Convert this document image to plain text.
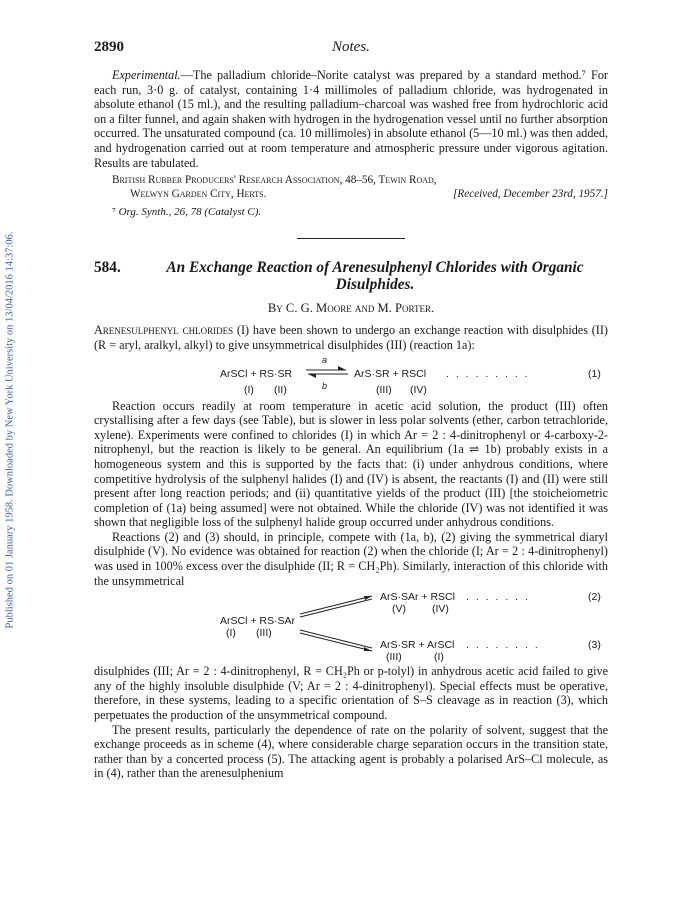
Published on 01 January 1958. Downloaded by New York University on 13/04/2016 14:37:06.
2890	Notes.

Experimental.—The palladium chloride–Norite catalyst was prepared by a standard method.⁷ For each run, 3·0 g. of catalyst, containing 1·4 millimoles of palladium chloride, was hydrogenated in absolute ethanol (15 ml.), and the resulting palladium–charcoal was washed free from hydrochloric acid on a filter funnel, and again shaken with hydrogen in the hydrogenation vessel until no further absorption occurred. The unsaturated compound (ca. 10 millimoles) in absolute ethanol (5—10 ml.) was then added, and hydrogenation carried out at room temperature and atmospheric pressure under vigorous agitation. Results are tabulated.

British Rubber Producers' Research Association, 48–56, Tewin Road,
Welwyn Garden City, Herts.	[Received, December 23rd, 1957.]
⁷ Org. Synth., 26, 78 (Catalyst C).
584.	An Exchange Reaction of Arenesulphenyl Chlorides with Organic Disulphides.
By C. G. Moore and M. Porter.

Arenesulphenyl chlorides (I) have been shown to undergo an exchange reaction with disulphides (II) (R = aryl, aralkyl, alkyl) to give unsymmetrical disulphides (III) (reaction 1a):

ArSCl + RS·SR
a
b
ArS·SR + RSCl . . . . . . . . .	(1)
(I) (II)	(III) (IV)

Reaction occurs readily at room temperature in acetic acid solution, the product (III) often crystallising after a few days (see Table), but is slower in less polar solvents (ether, carbon tetrachloride, xylene). Experiments were confined to chlorides (I) in which Ar = 2 : 4-dinitrophenyl or 4-carboxy-2-nitrophenyl, but the reaction is likely to be general. An equilibrium (1a ⇌ 1b) probably exists in a homogeneous system and this is supported by the facts that: (i) under anhydrous conditions, where competitive hydrolysis of the sulphenyl halides (I) and (IV) is absent, the reactants (I) and (II) were still present after long reaction periods; and (ii) quantitative yields of the product (III) [the stoicheiometric completion of (1a) being assumed] were not obtained. While the chloride (IV) was not identified it was shown that negligible loss of the sulphenyl halide group occurred under anhydrous conditions.

Reactions (2) and (3) should, in principle, compete with (1a, b), (2) giving the symmetrical diaryl disulphide (V). No evidence was obtained for reaction (2) when the chloride (I; Ar = 2 : 4-dinitrophenyl) was used in 100% excess over the disulphide (II; R = CH₂Ph). Similarly, interaction of this chloride with the unsymmetrical

ArS·SAr + RSCl . . . . . . .	(2)
(V) (IV)
ArSCl + RS·SAr
(I) (III)
ArS·SR + ArSCl . . . . . . . .	(3)
(III)	(I)

disulphides (III; Ar = 2 : 4-dinitrophenyl, R = CH₂Ph or p-tolyl) in anhydrous acetic acid failed to give any of the highly insoluble disulphide (V; Ar = 2 : 4-dinitrophenyl). Special effects must be operative, therefore, in these systems, leading to a specific orientation of S–S cleavage as in reaction (3), which perpetuates the production of the unsymmetrical compound.

The present results, particularly the dependence of rate on the polarity of solvent, suggest that the exchange proceeds as in scheme (4), where considerable charge separation occurs in the transition state, rather than by a concerted process (5). The attacking agent is probably a polarised ArS–Cl molecule, as in (4), rather than the arenesulphenium
